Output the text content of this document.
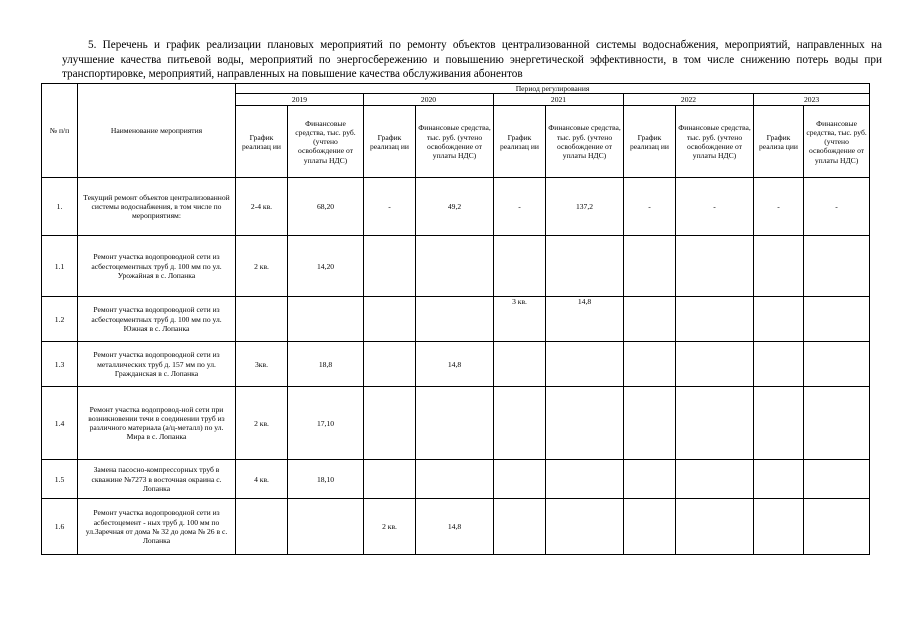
5. Перечень и график реализации плановых мероприятий по ремонту объектов централизованной системы водоснабжения, мероприятий, направленных на улучшение качества питьевой воды, мероприятий по энергосбережению и повышению энергетической эффективности, в том числе снижению потерь воды при транспортировке, мероприятий, направленных на повышение качества обслуживания абонентов
№ п/п	Наименование мероприятия	Период регулирования									
		2019		2020		2021		2022		2023	
		График реализац ии	Финансовые средства, тыс. руб. (учтено освобождение от уплаты НДС)	График реализац ии	Финансовые средства, тыс. руб. (учтено освобождение от уплаты НДС)	График реализац ии	Финансовые средства, тыс. руб. (учтено освобождение от уплаты НДС)	График реализац ии	Финансовые средства, тыс. руб. (учтено освобождение от уплаты НДС)	График реализа ции	Финансовые средства, тыс. руб. (учтено освобождение от уплаты НДС)
1.	Текущий ремонт объектов централизованной системы водоснабжения, в том числе по мероприятиям:	2-4 кв.	68,20	-	49,2	-	137,2	-	-	-	-
1.1	Ремонт участка водопроводной сети из асбестоцементных труб д. 100 мм по ул. Урожайная в с. Лопанка	2 кв.	14,20								
1.2	Ремонт участка водопроводной сети из асбестоцементных труб д. 100 мм по ул. Южная в с. Лопанка					3 кв.	14,8				
1.3	Ремонт участка водопроводной сети из металлических труб д. 157 мм по ул. Гражданская в с. Лопанка	3кв.	18,8		14,8						
1.4	Ремонт участка водопровод-ной сети при возникновении течи в соединении труб из различного материала (а/ц-металл) по ул. Мира в с. Лопанка	2 кв.	17,10								
1.5	Замена пасосно-компрессорных труб в скважине №7273 в восточная окраина с. Лопанка	4 кв.	18,10								
1.6	Ремонт участка водопроводной сети из асбестоцемент - ных труб д. 100 мм по ул.Заречная от дома № 32 до дома № 26 в с. Лопанка			2 кв.	14,8						
